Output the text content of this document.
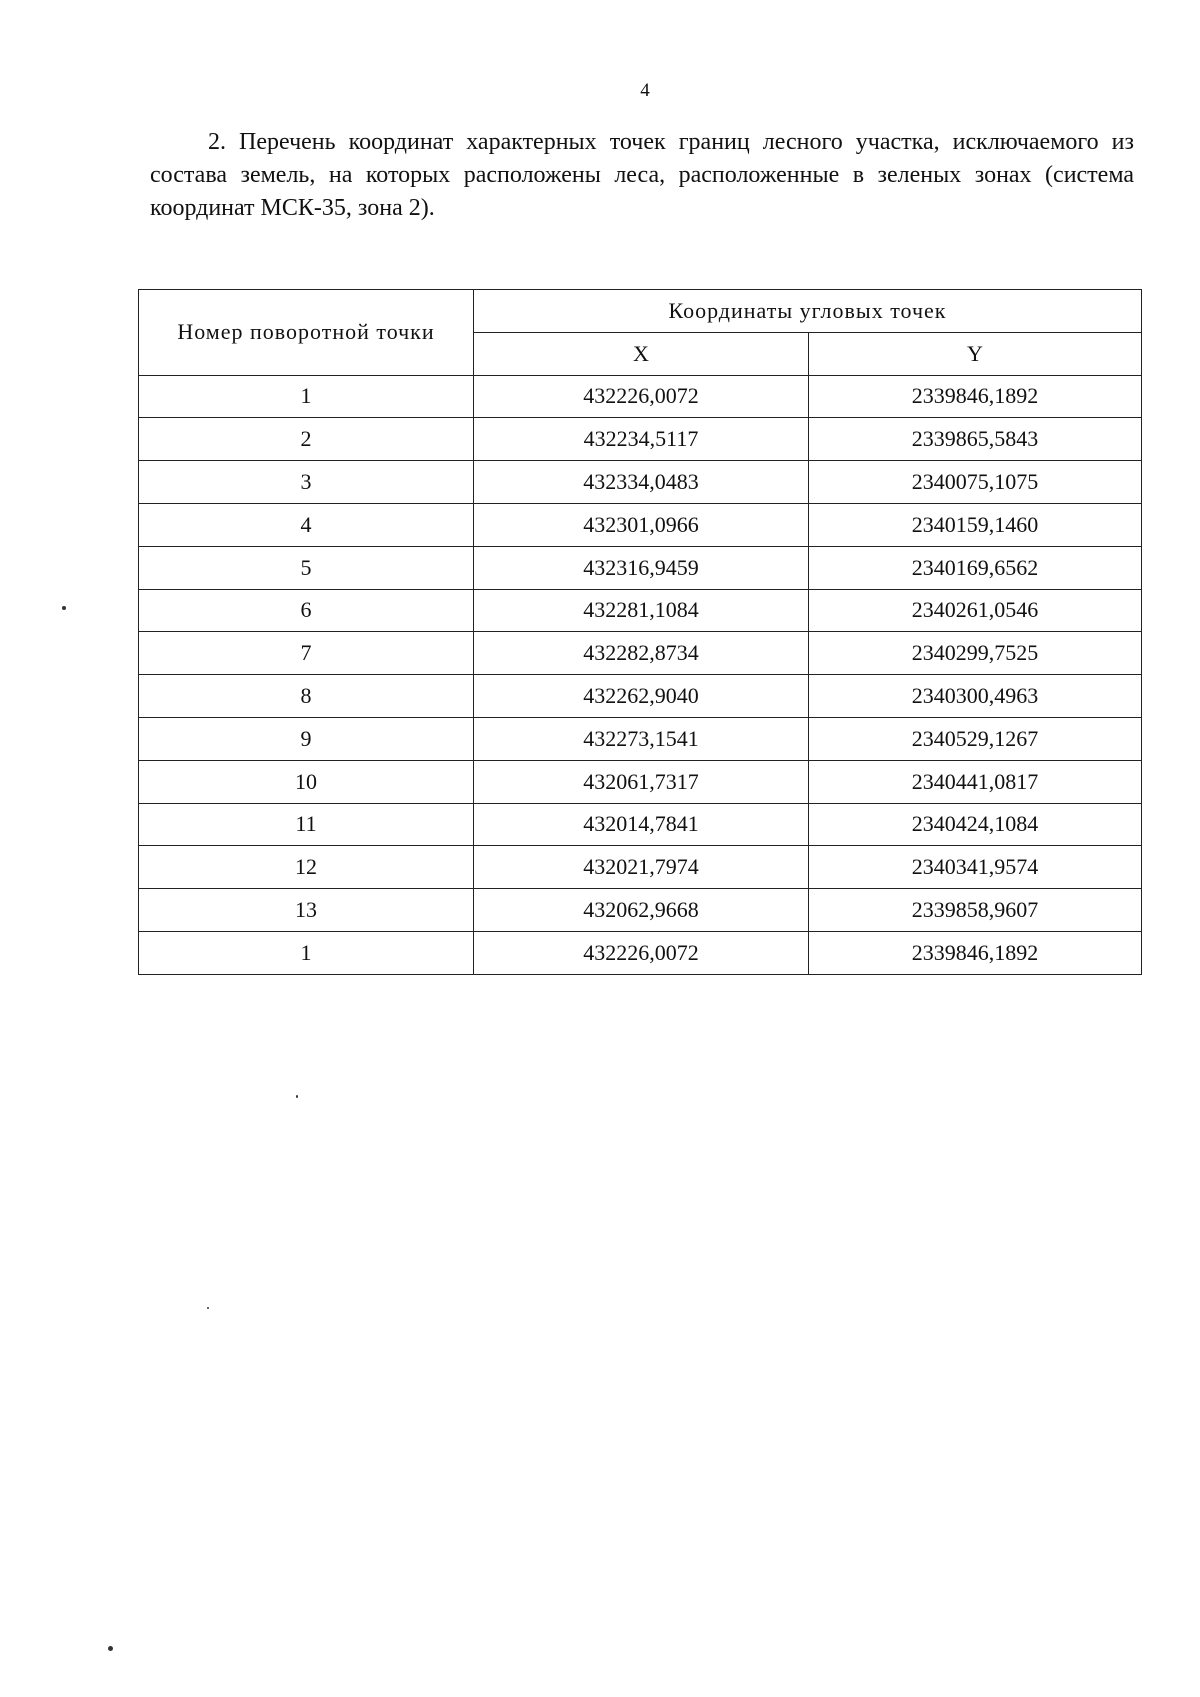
4

2. Перечень координат характерных точек границ лесного участка, исключаемого из состава земель, на которых расположены леса, расположенные в зеленых зонах (система координат МСК-35, зона 2).

Номер поворотной точки	Координаты угловых точек	
	X	Y
1	432226,0072	2339846,1892
2	432234,5117	2339865,5843
3	432334,0483	2340075,1075
4	432301,0966	2340159,1460
5	432316,9459	2340169,6562
6	432281,1084	2340261,0546
7	432282,8734	2340299,7525
8	432262,9040	2340300,4963
9	432273,1541	2340529,1267
10	432061,7317	2340441,0817
11	432014,7841	2340424,1084
12	432021,7974	2340341,9574
13	432062,9668	2339858,9607
1	432226,0072	2339846,1892
